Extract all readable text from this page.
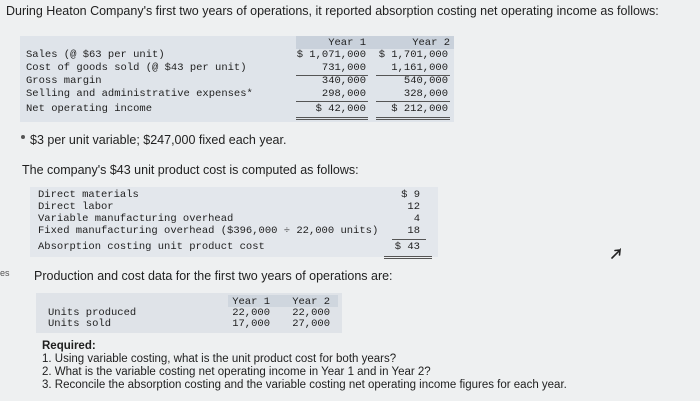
During Heaton Company's first two years of operations, it reported absorption costing net operating income as follows:
Year 1	Year 2
Sales (@ $63 per unit)	$ 1,071,000	$ 1,701,000
Cost of goods sold (@ $43 per unit)	731,000	1,161,000
Gross margin	340,000	540,000
Selling and administrative expenses*	298,000	328,000
Net operating income	$ 42,000	$ 212,000
$3 per unit variable; $247,000 fixed each year.
The company's $43 unit product cost is computed as follows:
Direct materials	$ 9
Direct labor	12
Variable manufacturing overhead	4
Fixed manufacturing overhead ($396,000 ÷ 22,000 units)	18
Absorption costing unit product cost	$ 43
es Production and cost data for the first two years of operations are:
Year 1	Year 2
Units produced	22,000	22,000
Units sold	17,000	27,000
Required:
1. Using variable costing, what is the unit product cost for both years?
2. What is the variable costing net operating income in Year 1 and in Year 2?
3. Reconcile the absorption costing and the variable costing net operating income figures for each year.
